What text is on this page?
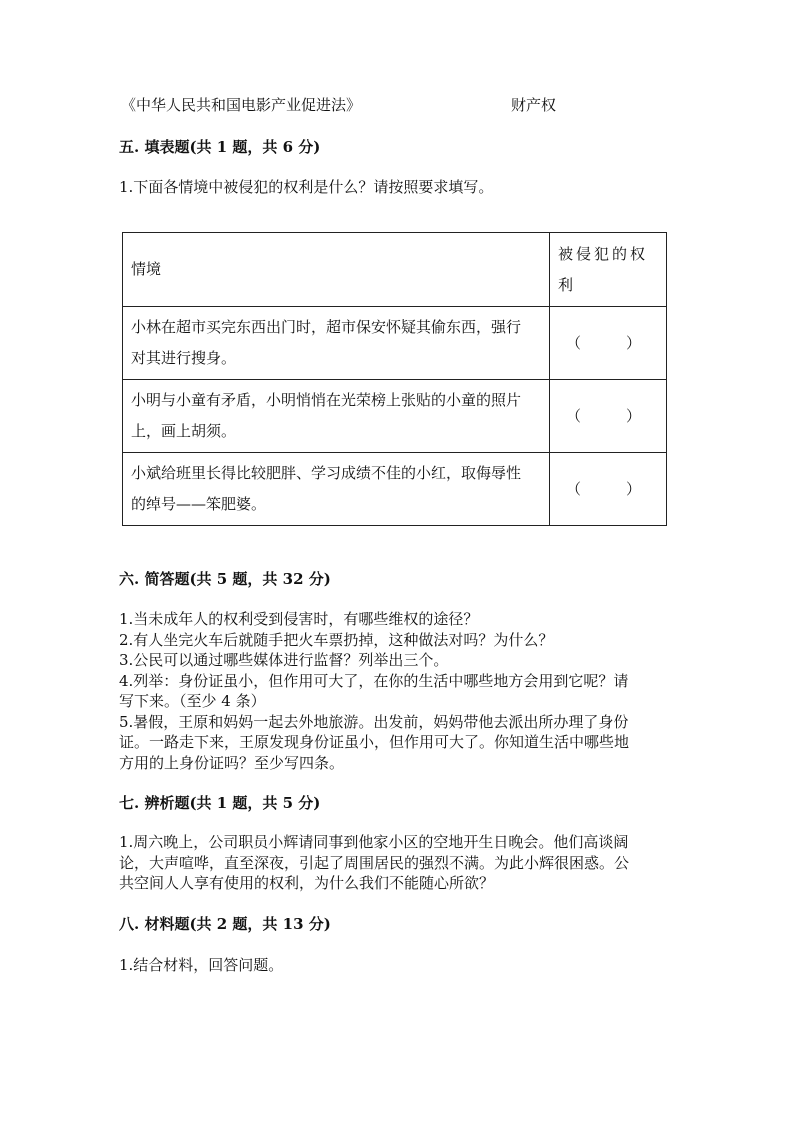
《中华人民共和国电影产业促进法》	财产权
五. 填表题(共 1 题，共 6 分)
1.下面各情境中被侵犯的权利是什么？请按照要求填写。
情境	被侵犯的权
利

小林在超市买完东西出门时，超市保安怀疑其偷东西，强行
对其进行搜身。	（　　　）

小明与小童有矛盾，小明悄悄在光荣榜上张贴的小童的照片
上，画上胡须。	（　　　）

小斌给班里长得比较肥胖、学习成绩不佳的小红，取侮辱性
的绰号——笨肥婆。	（　　　）
六. 简答题(共 5 题，共 32 分)
1.当未成年人的权利受到侵害时，有哪些维权的途径？
2.有人坐完火车后就随手把火车票扔掉，这种做法对吗？为什么？
3.公民可以通过哪些媒体进行监督？列举出三个。
4.列举：身份证虽小，但作用可大了，在你的生活中哪些地方会用到它呢？请
写下来。（至少 4 条）
5.暑假，王原和妈妈一起去外地旅游。出发前，妈妈带他去派出所办理了身份
证。一路走下来，王原发现身份证虽小，但作用可大了。你知道生活中哪些地
方用的上身份证吗？至少写四条。
七. 辨析题(共 1 题，共 5 分)
1.周六晚上，公司职员小辉请同事到他家小区的空地开生日晚会。他们高谈阔
论，大声喧哗，直至深夜，引起了周围居民的强烈不满。为此小辉很困惑。公
共空间人人享有使用的权利，为什么我们不能随心所欲？
八. 材料题(共 2 题，共 13 分)
1.结合材料，回答问题。
